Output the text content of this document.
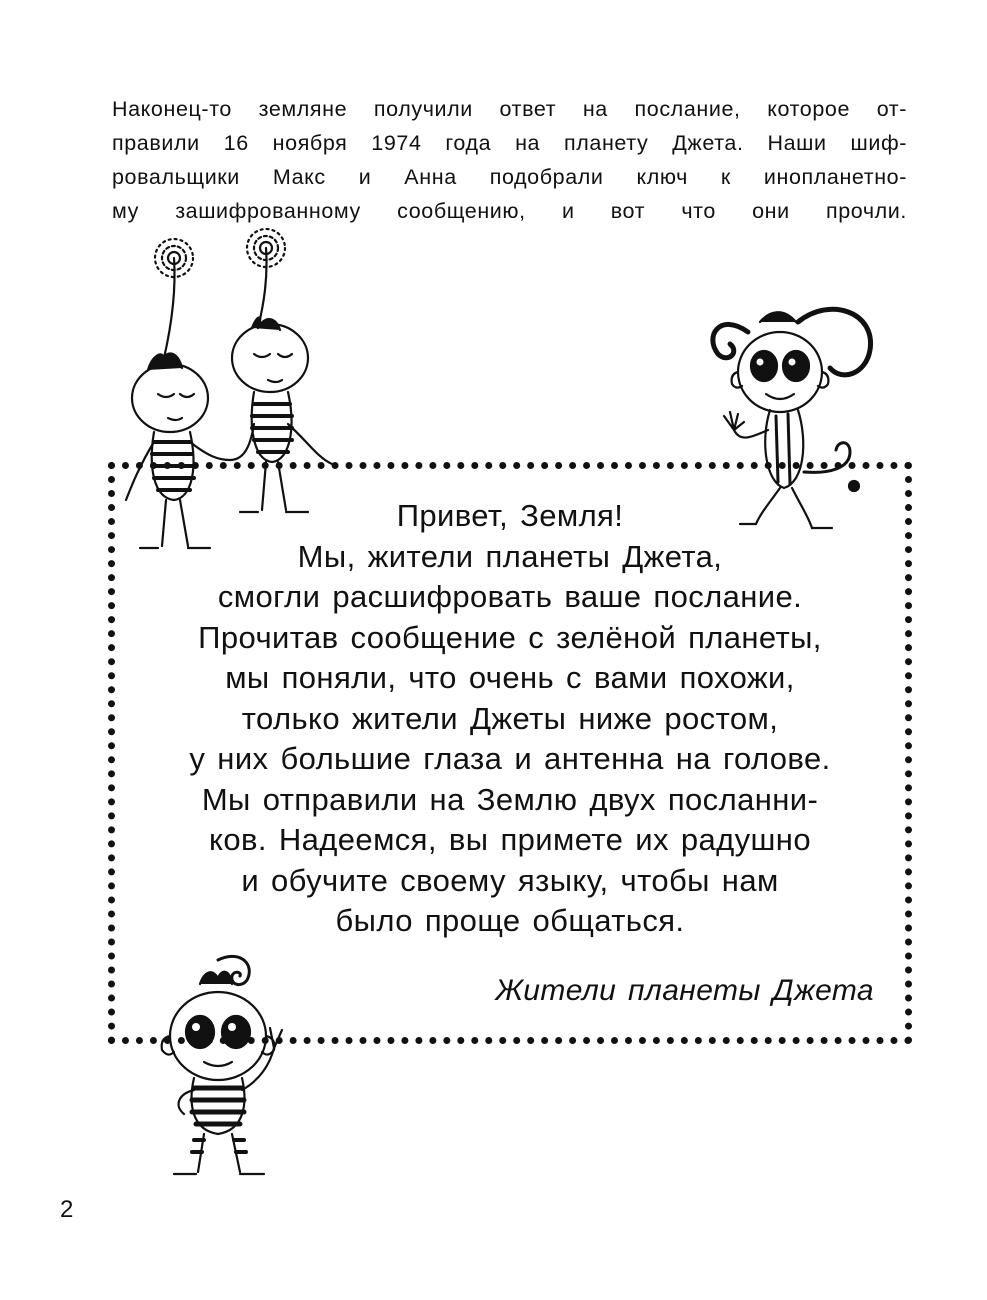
Наконец-то земляне получили ответ на послание, которое от-
правили 16 ноября 1974 года на планету Джета. Наши шиф-
ровальщики Макс и Анна подобрали ключ к инопланетно-
му зашифрованному сообщению, и вот что они прочли.
Привет, Земля!
Мы, жители планеты Джета,
смогли расшифровать ваше послание.
Прочитав сообщение с зелёной планеты,
мы поняли, что очень с вами похожи,
только жители Джеты ниже ростом,
у них большие глаза и антенна на голове.
Мы отправили на Землю двух посланни-
ков. Надеемся, вы примете их радушно
и обучите своему языку, чтобы нам
было проще общаться.
Жители планеты Джета
2
